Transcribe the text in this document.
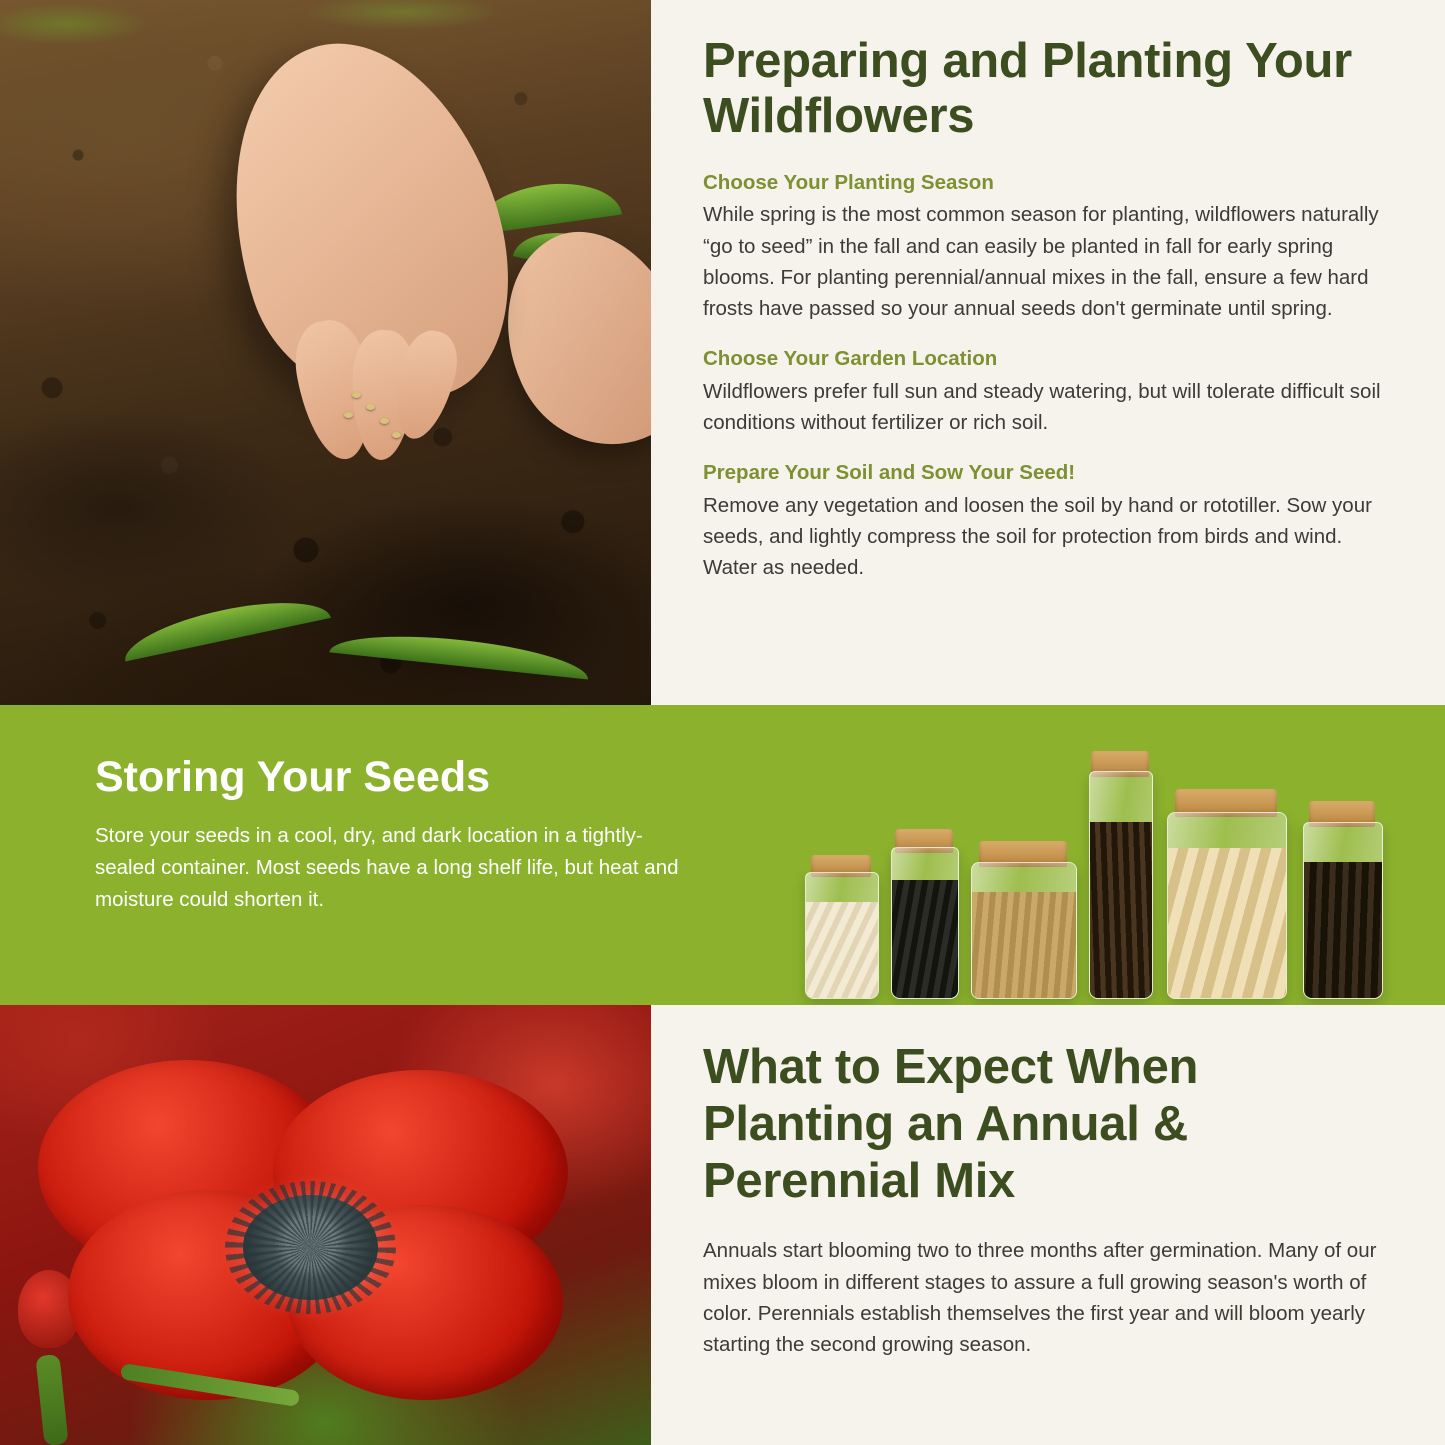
Preparing and Planting Your Wildflowers

Choose Your Planting Season

While spring is the most common season for planting, wildflowers naturally “go to seed” in the fall and can easily be planted in fall for early spring blooms. For planting perennial/annual mixes in the fall, ensure a few hard frosts have passed so your annual seeds don't germinate until spring.

Choose Your Garden Location

Wildflowers prefer full sun and steady watering, but will tolerate difficult soil conditions without fertilizer or rich soil.

Prepare Your Soil and Sow Your Seed!

Remove any vegetation and loosen the soil by hand or rototiller. Sow your seeds, and lightly compress the soil for protection from birds and wind. Water as needed.

Storing Your Seeds

Store your seeds in a cool, dry, and dark location in a tightly-sealed container. Most seeds have a long shelf life, but heat and moisture could shorten it.

What to Expect When Planting an Annual & Perennial Mix

Annuals start blooming two to three months after germination. Many of our mixes bloom in different stages to assure a full growing season's worth of color. Perennials establish themselves the first year and will bloom yearly starting the second growing season.
